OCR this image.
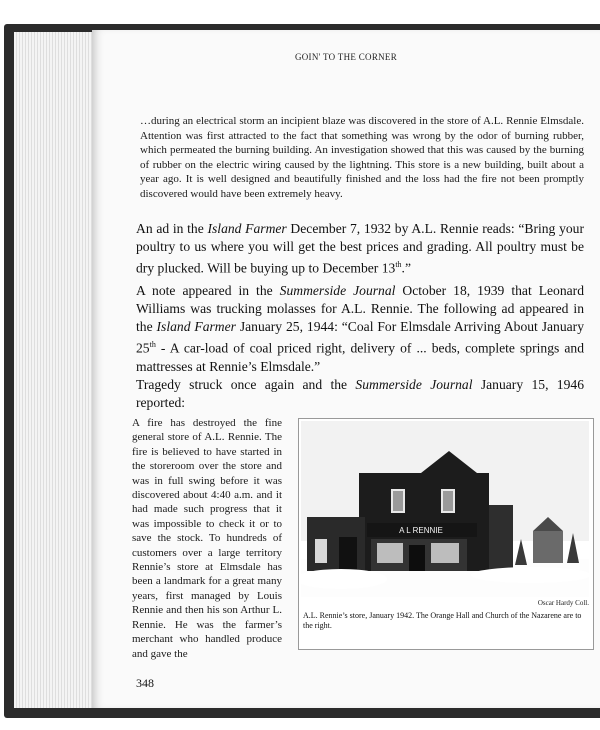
GOIN' TO THE CORNER

…during an electrical storm an incipient blaze was discovered in the store of A.L. Rennie Elmsdale. Attention was first attracted to the fact that something was wrong by the odor of burning rubber, which permeated the burning building. An investigation showed that this was caused by the burning of rubber on the electric wiring caused by the lightning. This store is a new building, built about a year ago. It is well designed and beautifully finished and the loss had the fire not been promptly discovered would have been extremely heavy.

An ad in the Island Farmer December 7, 1932 by A.L. Rennie reads: “Bring your poultry to us where you will get the best prices and grading. All poultry must be dry plucked. Will be buying up to December 13th.”

A note appeared in the Summerside Journal October 18, 1939 that Leonard Williams was trucking molasses for A.L. Rennie. The following ad appeared in the Island Farmer January 25, 1944: “Coal For Elmsdale Arriving About January 25th - A car-load of coal priced right, delivery of ... beds, complete springs and mattresses at Rennie’s Elmsdale.”

Tragedy struck once again and the Summerside Journal January 15, 1946 reported:

A fire has destroyed the fine general store of A.L. Rennie. The fire is believed to have started in the storeroom over the store and was in full swing before it was discovered about 4:40 a.m. and it had made such progress that it was impossible to check it or to save the stock. To hundreds of customers over a large territory Rennie’s store at Elmsdale has been a landmark for a great many years, first managed by Louis Rennie and then his son Arthur L. Rennie. He was the farmer’s merchant who handled produce and gave the

A L RENNIE
Oscar Hardy Coll.
A.L. Rennie’s store, January 1942. The Orange Hall and Church of the Nazarene are to the right.
348
